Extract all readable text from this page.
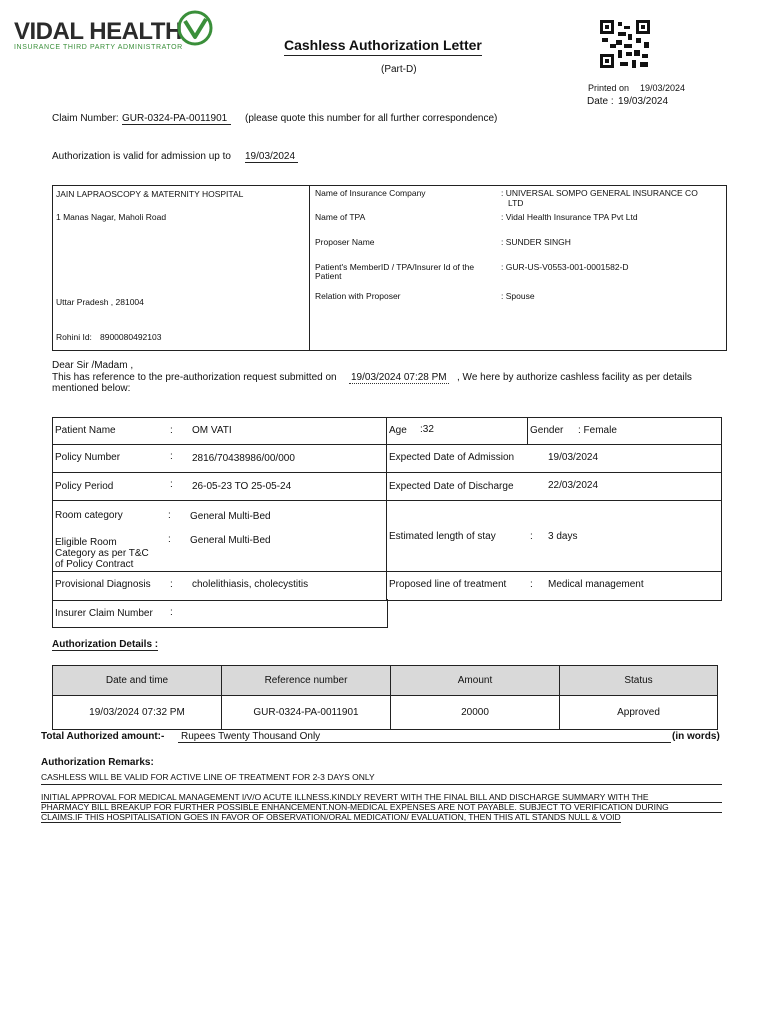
VIDAL HEALTH
INSURANCE THIRD PARTY ADMINISTRATOR	Cashless Authorization Letter
(Part-D)
Printed on 19/03/2024
Date : 19/03/2024
Claim Number: GUR-0324-PA-0011901	(please quote this number for all further correspondence)
Authorization is valid for admission up to 19/03/2024
JAIN LAPRAOSCOPY & MATERNITY HOSPITAL
1 Manas Nagar, Maholi Road
Uttar Pradesh , 281004
Rohini Id: 8900080492103
Name of Insurance Company	: UNIVERSAL SOMPO GENERAL INSURANCE CO
LTD
Name of TPA	: Vidal Health Insurance TPA Pvt Ltd
Proposer Name	: SUNDER SINGH
Patient's MemberID / TPA/Insurer Id of the
Patient
: GUR-US-V0553-001-0001582-D
Relation with Proposer	: Spouse
Dear Sir /Madam ,
This has reference to the pre-authorization request submitted on 19/03/2024 07:28 PM , We here by authorize cashless facility as per details
mentioned below:
Patient Name	: OM VATI	Age :32	Gender : Female
Policy Number	: 2816/70438986/00/000	Expected Date of Admission	19/03/2024
Policy Period	: 26-05-23 TO 25-05-24	Expected Date of Discharge	22/03/2024
Room category	: General Multi-Bed
Eligible Room
Category as per T&C
of Policy Contract
: General Multi-Bed	Estimated length of stay	: 3 days
Provisional Diagnosis : cholelithiasis, cholecystitis	Proposed line of treatment : Medical management
Insurer Claim Number :
Authorization Details :
Date and time	Reference number	Amount	Status
19/03/2024 07:32 PM	GUR-0324-PA-0011901	20000	Approved
Total Authorized amount:-	Rupees Twenty Thousand Only	(in words)
Authorization Remarks:
CASHLESS WILL BE VALID FOR ACTIVE LINE OF TREATMENT FOR 2-3 DAYS ONLY
INITIAL APPROVAL FOR MEDICAL MANAGEMENT I/V/O ACUTE ILLNESS.KINDLY REVERT WITH THE FINAL BILL AND DISCHARGE SUMMARY WITH THE
PHARMACY BILL BREAKUP FOR FURTHER POSSIBLE ENHANCEMENT.NON-MEDICAL EXPENSES ARE NOT PAYABLE. SUBJECT TO VERIFICATION DURING
CLAIMS.IF THIS HOSPITALISATION GOES IN FAVOR OF OBSERVATION/ORAL MEDICATION/ EVALUATION, THEN THIS ATL STANDS NULL & VOID
